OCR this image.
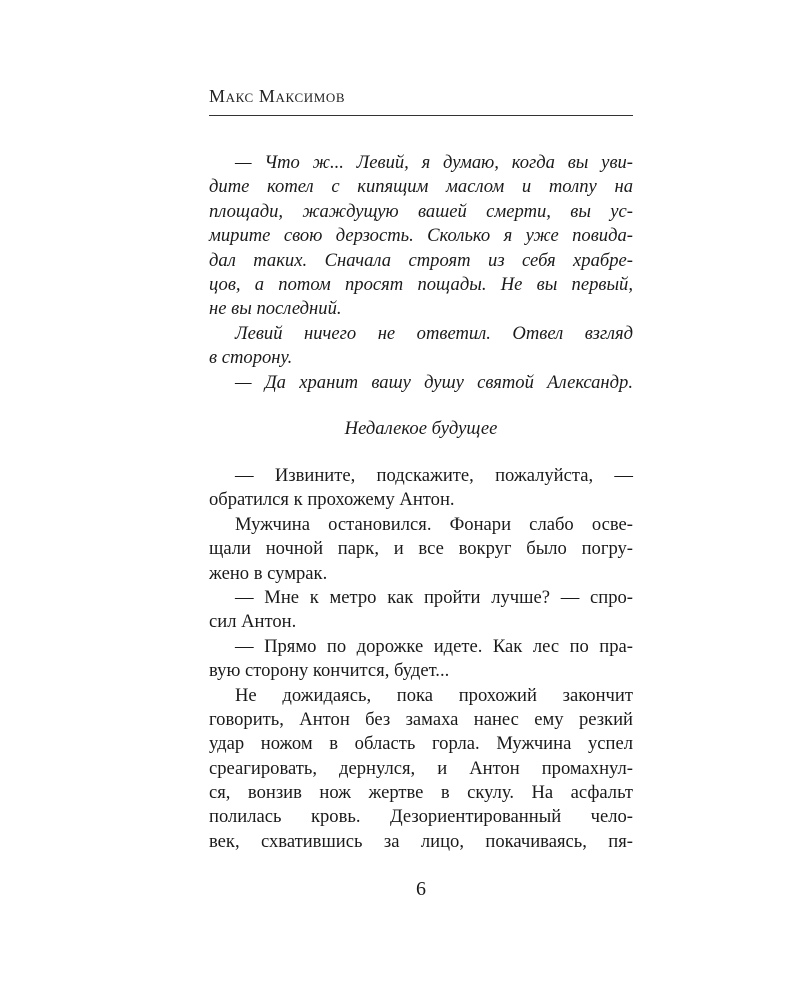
Макс Максимов
— Что ж... Левий, я думаю, когда вы уви-
дите котел с кипящим маслом и толпу на
площади, жаждущую вашей смерти, вы ус-
мирите свою дерзость. Сколько я уже повида-
дал таких. Сначала строят из себя храбре-
цов, а потом просят пощады. Не вы первый,
не вы последний.
Левий ничего не ответил. Отвел взгляд
в сторону.
— Да хранит вашу душу святой Александр.
Недалекое будущее
— Извините, подскажите, пожалуйста, —
обратился к прохожему Антон.
Мужчина остановился. Фонари слабо осве-
щали ночной парк, и все вокруг было погру-
жено в сумрак.
— Мне к метро как пройти лучше? — спро-
сил Антон.
— Прямо по дорожке идете. Как лес по пра-
вую сторону кончится, будет...
Не дожидаясь, пока прохожий закончит
говорить, Антон без замаха нанес ему резкий
удар ножом в область горла. Мужчина успел
среагировать, дернулся, и Антон промахнул-
ся, вонзив нож жертве в скулу. На асфальт
полилась кровь. Дезориентированный чело-
век, схватившись за лицо, покачиваясь, пя-
6
